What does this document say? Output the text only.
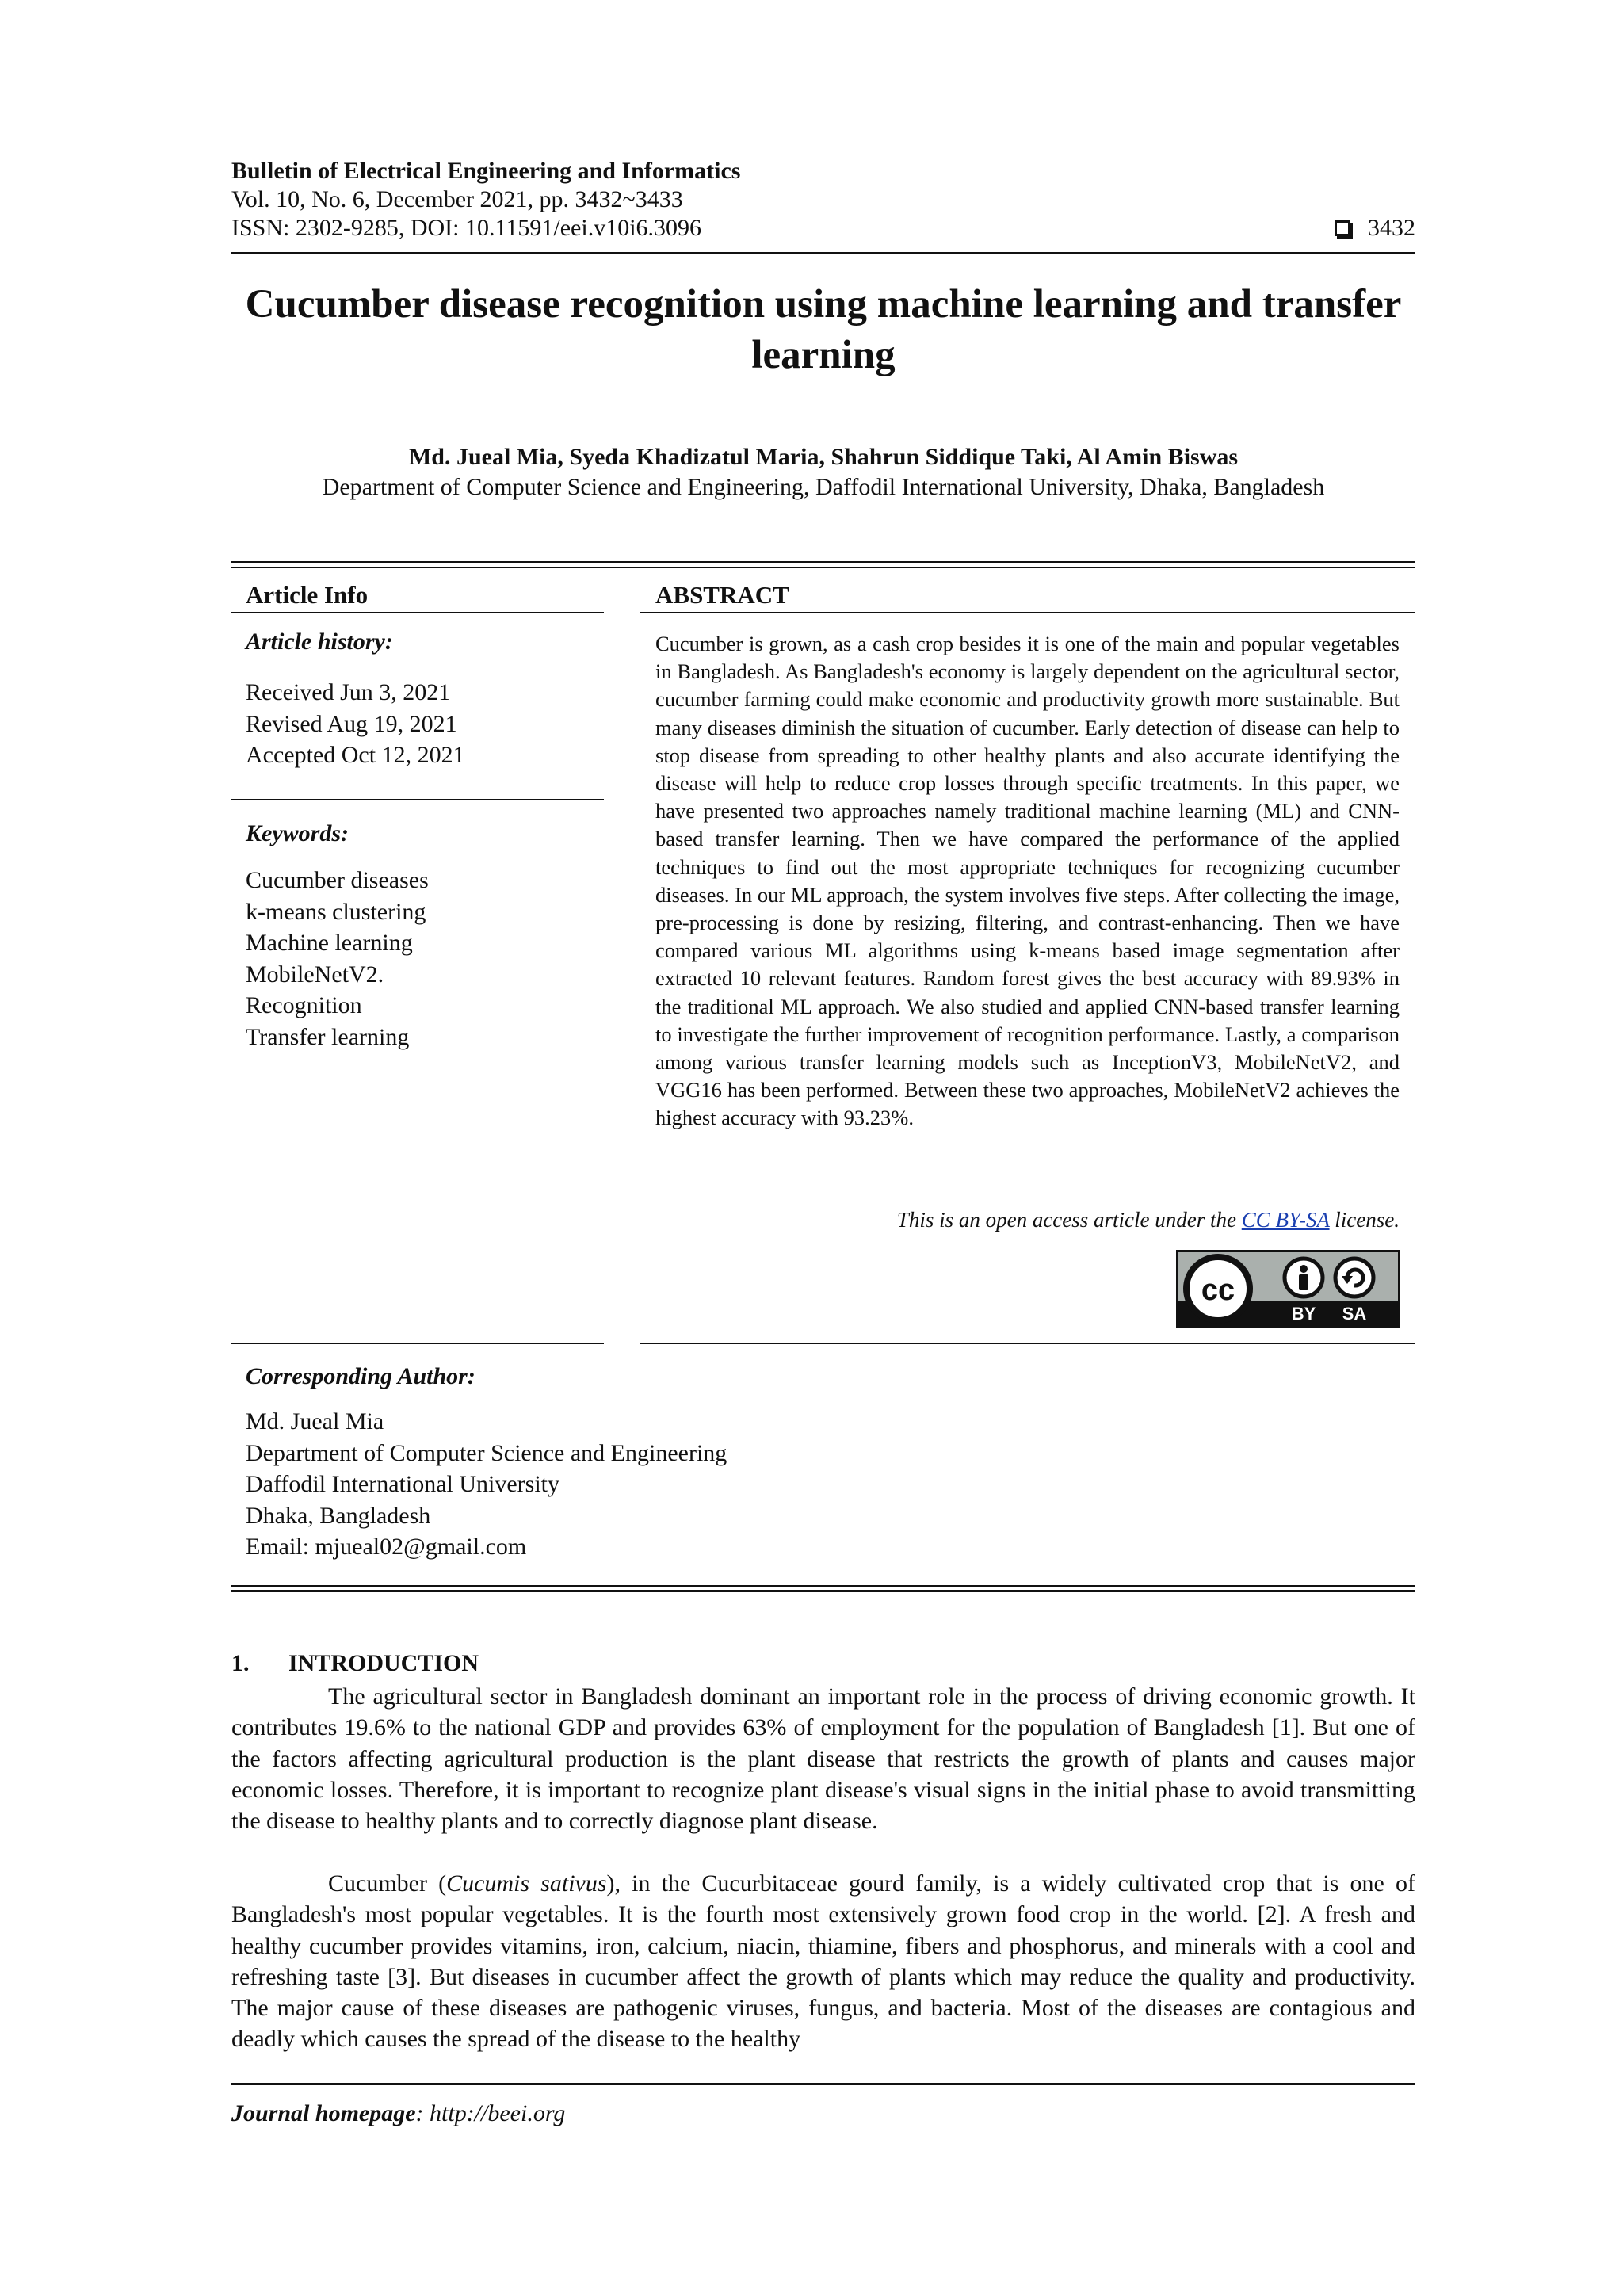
Bulletin of Electrical Engineering and Informatics
Vol. 10, No. 6, December 2021, pp. 3432~3433
ISSN: 2302-9285, DOI: 10.11591/eei.v10i6.3096	3432
Cucumber disease recognition using machine learning and transfer learning
Md. Jueal Mia, Syeda Khadizatul Maria, Shahrun Siddique Taki, Al Amin Biswas
Department of Computer Science and Engineering, Daffodil International University, Dhaka, Bangladesh
Article Info
Article history:
Received Jun 3, 2021
Revised Aug 19, 2021
Accepted Oct 12, 2021
Keywords:
Cucumber diseases
k-means clustering
Machine learning
MobileNetV2.
Recognition
Transfer learning
ABSTRACT
Cucumber is grown, as a cash crop besides it is one of the main and popular vegetables in Bangladesh. As Bangladesh's economy is largely dependent on the agricultural sector, cucumber farming could make economic and productivity growth more sustainable. But many diseases diminish the situation of cucumber. Early detection of disease can help to stop disease from spreading to other healthy plants and also accurate identifying the disease will help to reduce crop losses through specific treatments. In this paper, we have presented two approaches namely traditional machine learning (ML) and CNN-based transfer learning. Then we have compared the performance of the applied techniques to find out the most appropriate techniques for recognizing cucumber diseases. In our ML approach, the system involves five steps. After collecting the image, pre-processing is done by resizing, filtering, and contrast-enhancing. Then we have compared various ML algorithms using k-means based image segmentation after extracted 10 relevant features. Random forest gives the best accuracy with 89.93% in the traditional ML approach. We also studied and applied CNN-based transfer learning to investigate the further improvement of recognition performance. Lastly, a comparison among various transfer learning models such as InceptionV3, MobileNetV2, and VGG16 has been performed. Between these two approaches, MobileNetV2 achieves the highest accuracy with 93.23%.
This is an open access article under the CC BY-SA license.
cc
BY SA
Corresponding Author:
Md. Jueal Mia
Department of Computer Science and Engineering
Daffodil International University
Dhaka, Bangladesh
Email: mjueal02@gmail.com
1. INTRODUCTION
The agricultural sector in Bangladesh dominant an important role in the process of driving economic growth. It contributes 19.6% to the national GDP and provides 63% of employment for the population of Bangladesh [1]. But one of the factors affecting agricultural production is the plant disease that restricts the growth of plants and causes major economic losses. Therefore, it is important to recognize plant disease's visual signs in the initial phase to avoid transmitting the disease to healthy plants and to correctly diagnose plant disease.
Cucumber (Cucumis sativus), in the Cucurbitaceae gourd family, is a widely cultivated crop that is one of Bangladesh's most popular vegetables. It is the fourth most extensively grown food crop in the world. [2]. A fresh and healthy cucumber provides vitamins, iron, calcium, niacin, thiamine, fibers and phosphorus, and minerals with a cool and refreshing taste [3]. But diseases in cucumber affect the growth of plants which may reduce the quality and productivity. The major cause of these diseases are pathogenic viruses, fungus, and bacteria. Most of the diseases are contagious and deadly which causes the spread of the disease to the healthy
Journal homepage: http://beei.org
